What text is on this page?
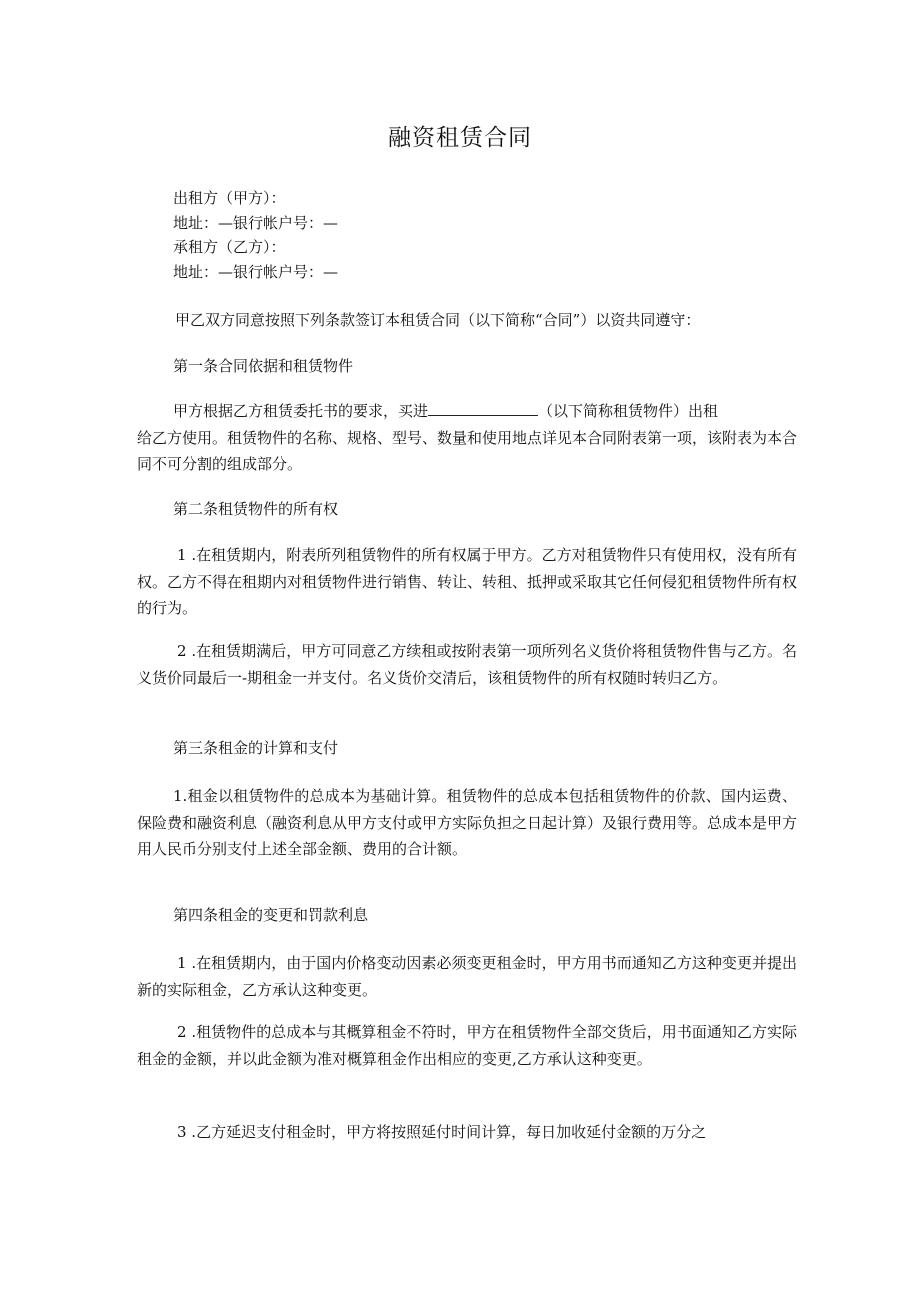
融资租赁合同
出租方（甲方）：
地址：—银行帐户号：—
承租方（乙方）：
地址：—银行帐户号：—
甲乙双方同意按照下列条款签订本租赁合同（以下简称“合同”）以资共同遵守：
第一条合同依据和租赁物件
甲方根据乙方租赁委托书的要求，买进	（以下简称租赁物件）出租
给乙方使用。租赁物件的名称、规格、型号、数量和使用地点详见本合同附表第一项，该附表为本合同不可分割的组成部分。
第二条租赁物件的所有权
1 .在租赁期内，附表所列租赁物件的所有权属于甲方。乙方对租赁物件只有使用权，没有所有权。乙方不得在租期内对租赁物件进行销售、转让、转租、抵押或采取其它任何侵犯租赁物件所有权的行为。
2 .在租赁期满后，甲方可同意乙方续租或按附表第一项所列名义货价将租赁物件售与乙方。名义货价同最后一-期租金一并支付。名义货价交清后，该租赁物件的所有权随时转归乙方。
第三条租金的计算和支付
1.租金以租赁物件的总成本为基础计算。租赁物件的总成本包括租赁物件的价款、国内运费、保险费和融资利息（融资利息从甲方支付或甲方实际负担之日起计算）及银行费用等。总成本是甲方用人民币分别支付上述全部金额、费用的合计额。
第四条租金的变更和罚款利息
1 .在租赁期内，由于国内价格变动因素必须变更租金时，甲方用书而通知乙方这种变更并提出新的实际租金，乙方承认这种变更。
2 .租赁物件的总成本与其概算租金不符时，甲方在租赁物件全部交货后，用书面通知乙方实际租金的金额，并以此金额为准对概算租金作出相应的变更,乙方承认这种变更。
3 .乙方延迟支付租金时，甲方将按照延付时间计算，每日加收延付金额的万分之
